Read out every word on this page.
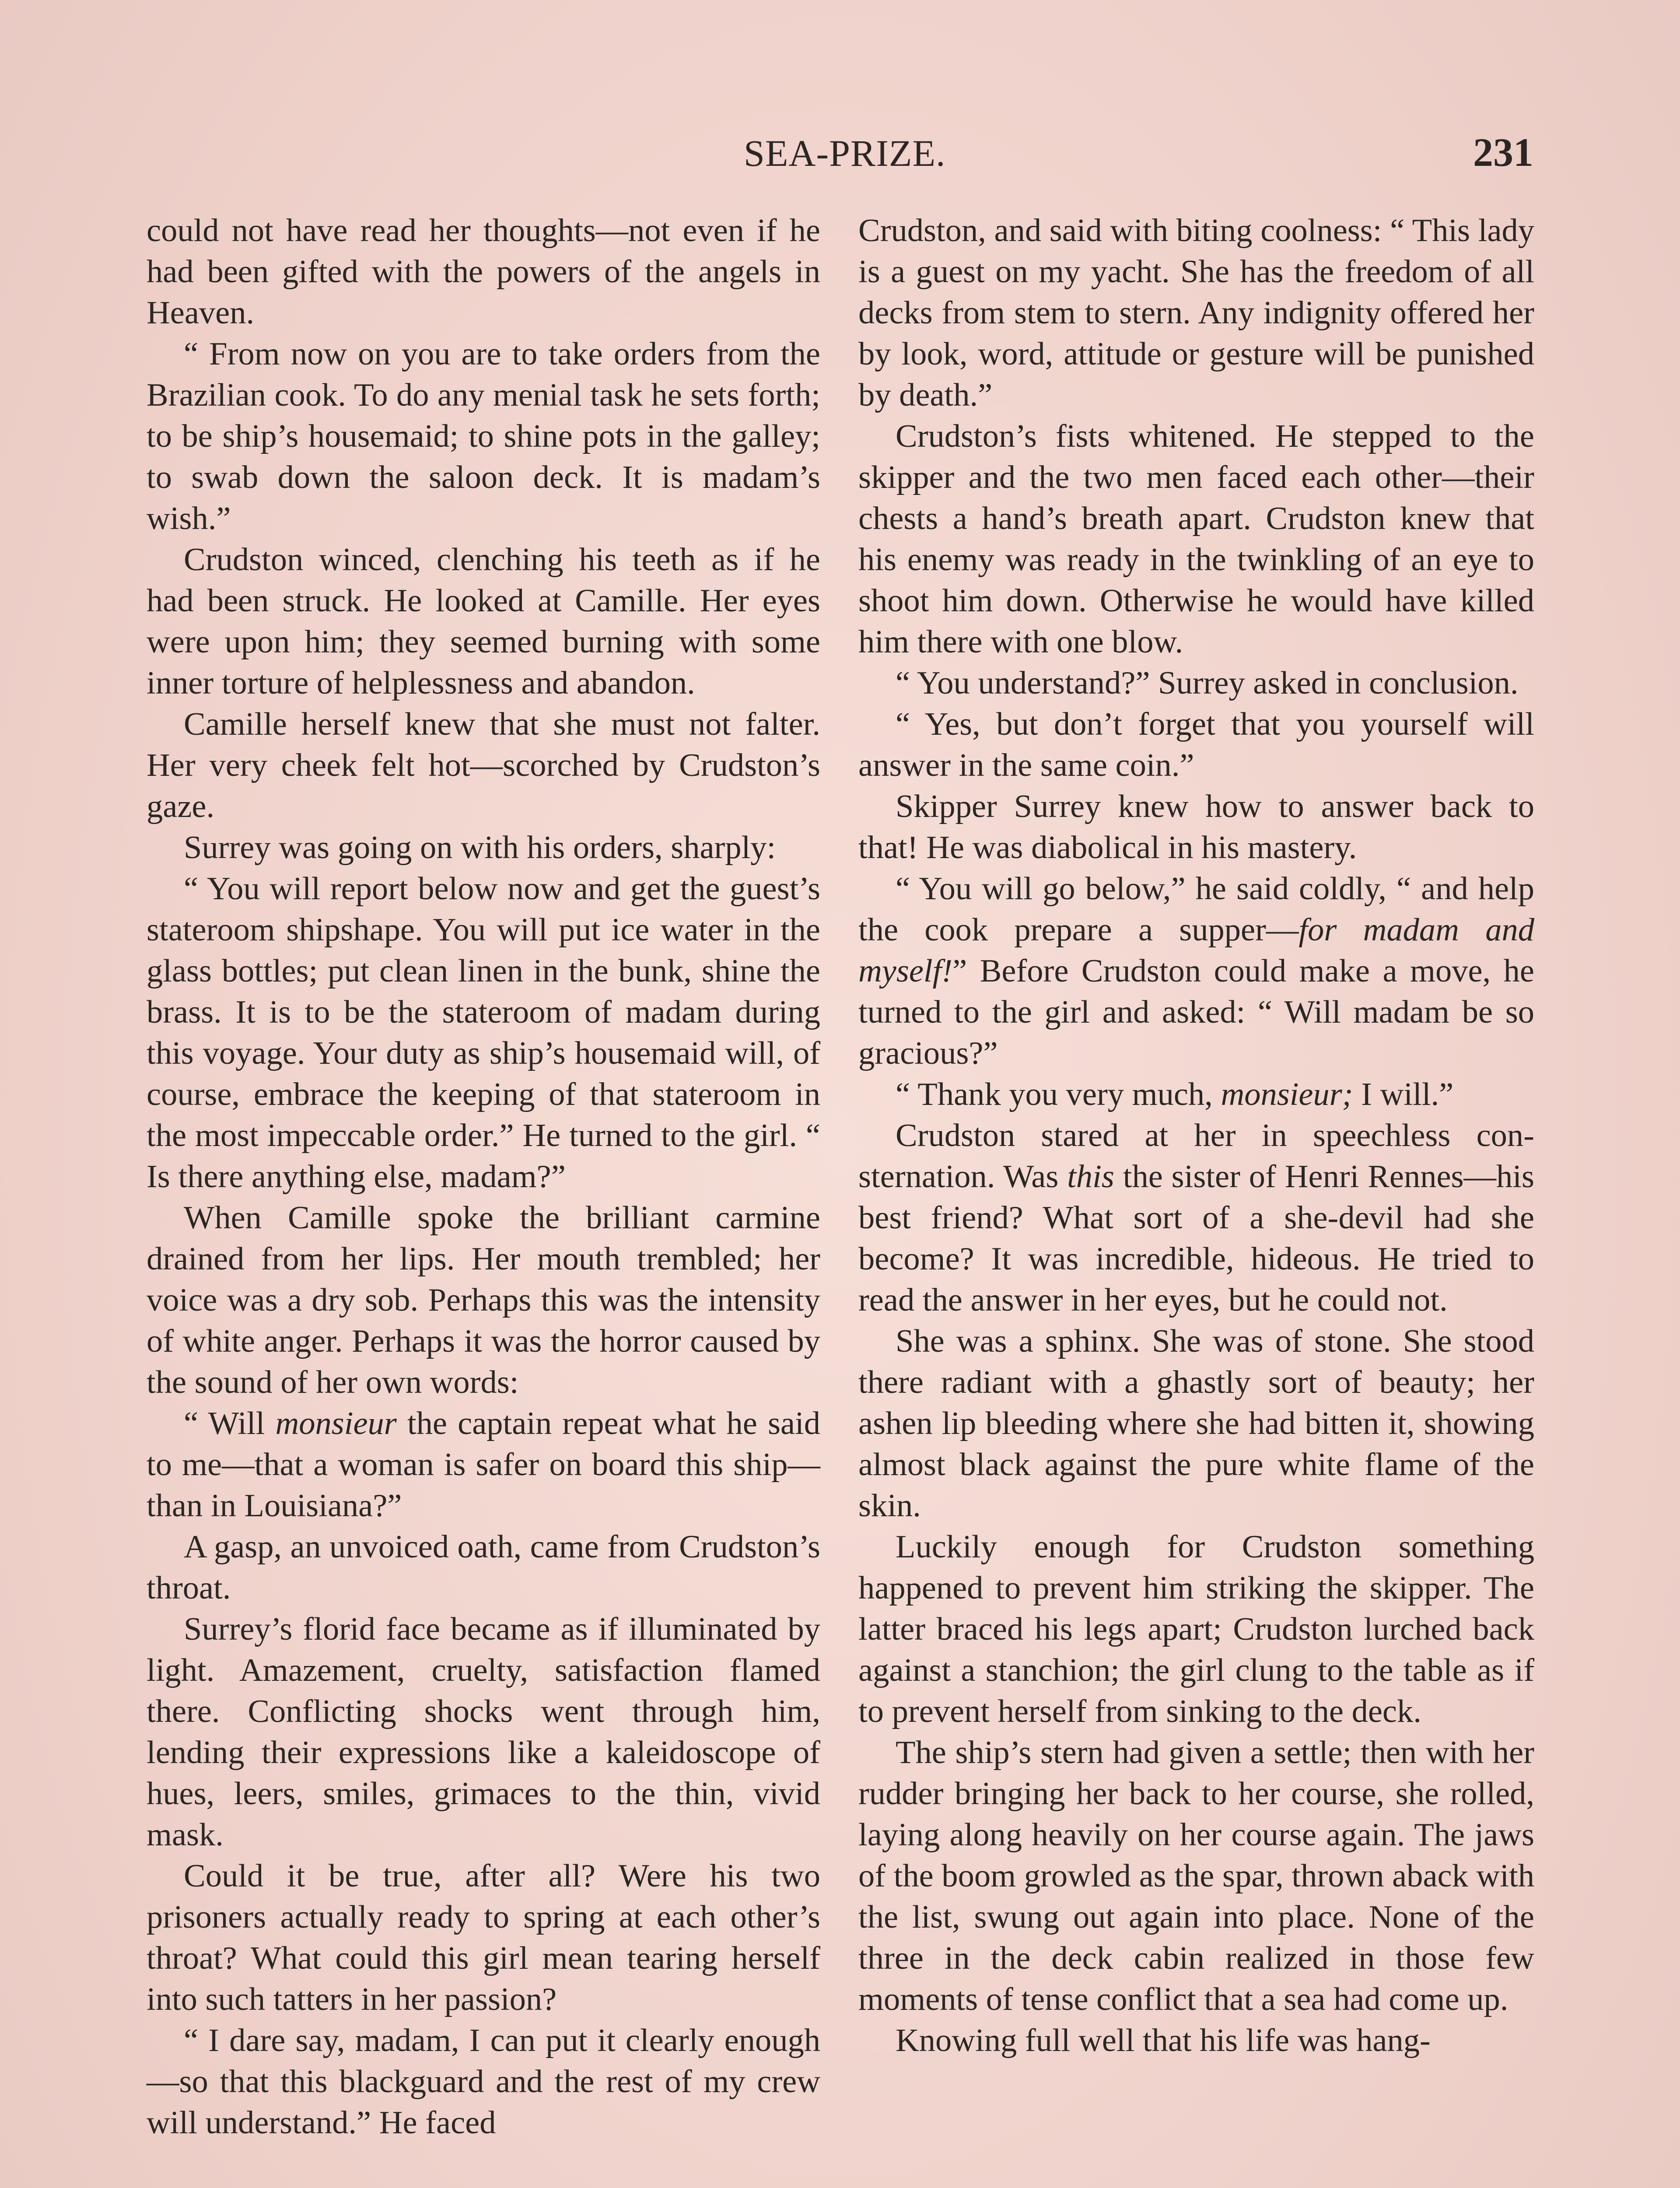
SEA-PRIZE.	231

could not have read her thoughts—not even if he had been gifted with the powers of the angels in Heaven.

“ From now on you are to take orders from the Brazilian cook. To do any menial task he sets forth; to be ship’s housemaid; to shine pots in the galley; to swab down the saloon deck. It is madam’s wish.”

Crudston winced, clenching his teeth as if he had been struck. He looked at Camille. Her eyes were upon him; they seemed burning with some inner torture of helplessness and abandon.

Camille herself knew that she must not falter. Her very cheek felt hot—scorched by Crudston’s gaze.

Surrey was going on with his orders, sharply:

“ You will report below now and get the guest’s stateroom shipshape. You will put ice water in the glass bottles; put clean linen in the bunk, shine the brass. It is to be the stateroom of madam during this voyage. Your duty as ship’s housemaid will, of course, embrace the keeping of that stateroom in the most impeccable order.” He turned to the girl. “ Is there anything else, madam?”

When Camille spoke the brilliant carmine drained from her lips. Her mouth trembled; her voice was a dry sob. Perhaps this was the intensity of white anger. Perhaps it was the horror caused by the sound of her own words:

“ Will monsieur the captain repeat what he said to me—that a woman is safer on board this ship—than in Louisiana?”

A gasp, an unvoiced oath, came from Crudston’s throat.

Surrey’s florid face became as if illuminated by light. Amazement, cruelty, satisfaction flamed there. Conflicting shocks went through him, lending their expressions like a kaleidoscope of hues, leers, smiles, grimaces to the thin, vivid mask.

Could it be true, after all? Were his two prisoners actually ready to spring at each other’s throat? What could this girl mean tearing herself into such tatters in her passion?

“ I dare say, madam, I can put it clearly enough—so that this blackguard and the rest of my crew will understand.” He faced

Crudston, and said with biting coolness: “ This lady is a guest on my yacht. She has the freedom of all decks from stem to stern. Any indignity offered her by look, word, attitude or gesture will be punished by death.”

Crudston’s fists whitened. He stepped to the skipper and the two men faced each other—their chests a hand’s breath apart. Crudston knew that his enemy was ready in the twinkling of an eye to shoot him down. Otherwise he would have killed him there with one blow.

“ You understand?” Surrey asked in conclusion.

“ Yes, but don’t forget that you yourself will answer in the same coin.”

Skipper Surrey knew how to answer back to that! He was diabolical in his mastery.

“ You will go below,” he said coldly, “ and help the cook prepare a supper—for madam and myself!” Before Crudston could make a move, he turned to the girl and asked: “ Will madam be so gracious?”

“ Thank you very much, monsieur; I will.”

Crudston stared at her in speechless consternation. Was this the sister of Henri Rennes—his best friend? What sort of a she-devil had she become? It was incredible, hideous. He tried to read the answer in her eyes, but he could not.

She was a sphinx. She was of stone. She stood there radiant with a ghastly sort of beauty; her ashen lip bleeding where she had bitten it, showing almost black against the pure white flame of the skin.

Luckily enough for Crudston something happened to prevent him striking the skipper. The latter braced his legs apart; Crudston lurched back against a stanchion; the girl clung to the table as if to prevent herself from sinking to the deck.

The ship’s stern had given a settle; then with her rudder bringing her back to her course, she rolled, laying along heavily on her course again. The jaws of the boom growled as the spar, thrown aback with the list, swung out again into place. None of the three in the deck cabin realized in those few moments of tense conflict that a sea had come up.

Knowing full well that his life was hang-
